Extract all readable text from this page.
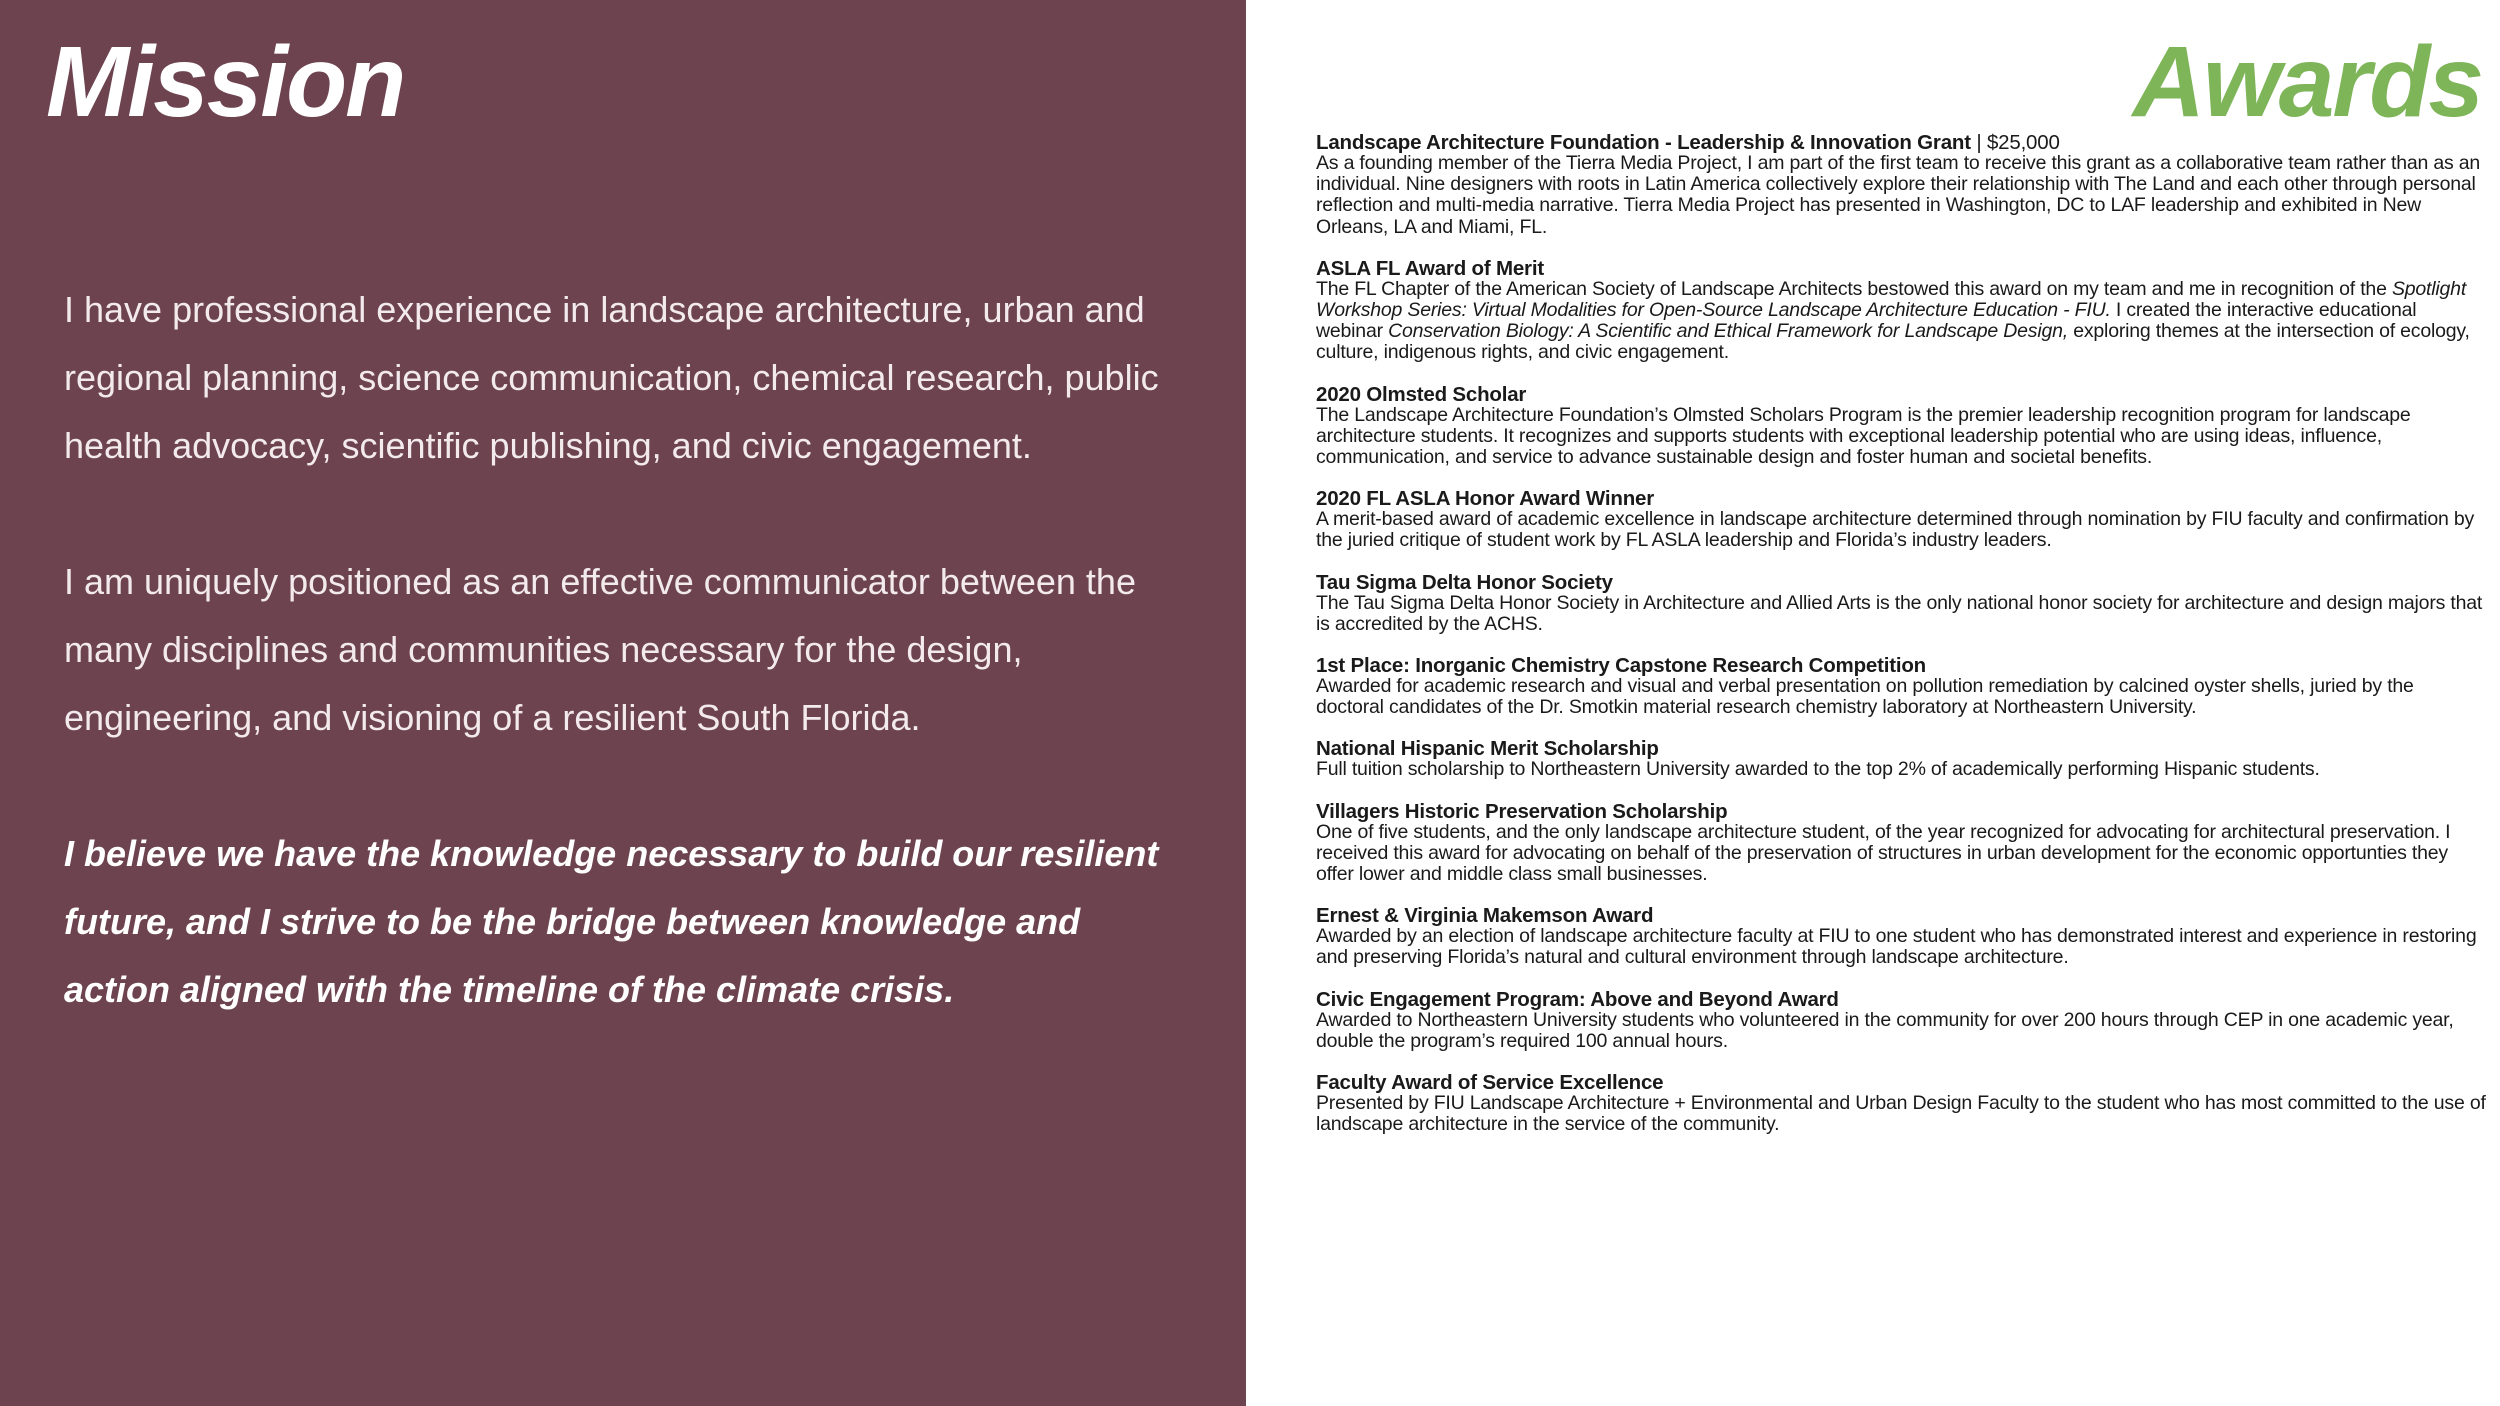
Mission

I have professional experience in landscape architecture, urban and regional planning, science communication, chemical research, public health advocacy, scientific publishing, and civic engagement.

I am uniquely positioned as an effective communicator between the many disciplines and communities necessary for the design, engineering, and visioning of a resilient South Florida.

I believe we have the knowledge necessary to build our resilient future, and I strive to be the bridge between knowledge and action aligned with the timeline of the climate crisis.

Awards
Landscape Architecture Foundation - Leadership & Innovation Grant | $25,000
As a founding member of the Tierra Media Project, I am part of the first team to receive this grant as a collaborative team rather than as an individual. Nine designers with roots in Latin America collectively explore their relationship with The Land and each other through personal reflection and multi-media narrative. Tierra Media Project has presented in Washington, DC to LAF leadership and exhibited in New Orleans, LA and Miami, FL.
ASLA FL Award of Merit
The FL Chapter of the American Society of Landscape Architects bestowed this award on my team and me in recognition of the Spotlight Workshop Series: Virtual Modalities for Open-Source Landscape Architecture Education - FIU. I created the interactive educational webinar Conservation Biology: A Scientific and Ethical Framework for Landscape Design, exploring themes at the intersection of ecology, culture, indigenous rights, and civic engagement.
2020 Olmsted Scholar
The Landscape Architecture Foundation’s Olmsted Scholars Program is the premier leadership recognition program for landscape architecture students. It recognizes and supports students with exceptional leadership potential who are using ideas, influence, communication, and service to advance sustainable design and foster human and societal benefits.
2020 FL ASLA Honor Award Winner
A merit-based award of academic excellence in landscape architecture determined through nomination by FIU faculty and confirmation by the juried critique of student work by FL ASLA leadership and Florida’s industry leaders.
Tau Sigma Delta Honor Society
The Tau Sigma Delta Honor Society in Architecture and Allied Arts is the only national honor society for architecture and design majors that is accredited by the ACHS.
1st Place: Inorganic Chemistry Capstone Research Competition
Awarded for academic research and visual and verbal presentation on pollution remediation by calcined oyster shells, juried by the doctoral candidates of the Dr. Smotkin material research chemistry laboratory at Northeastern University.
National Hispanic Merit Scholarship
Full tuition scholarship to Northeastern University awarded to the top 2% of academically performing Hispanic students.
Villagers Historic Preservation Scholarship
One of five students, and the only landscape architecture student, of the year recognized for advocating for architectural preservation. I received this award for advocating on behalf of the preservation of structures in urban development for the economic opportunties they offer lower and middle class small businesses.
Ernest & Virginia Makemson Award
Awarded by an election of landscape architecture faculty at FIU to one student who has demonstrated interest and experience in restoring and preserving Florida’s natural and cultural environment through landscape architecture.
Civic Engagement Program: Above and Beyond Award
Awarded to Northeastern University students who volunteered in the community for over 200 hours through CEP in one academic year, double the program’s required 100 annual hours.
Faculty Award of Service Excellence
Presented by FIU Landscape Architecture + Environmental and Urban Design Faculty to the student who has most committed to the use of landscape architecture in the service of the community.
